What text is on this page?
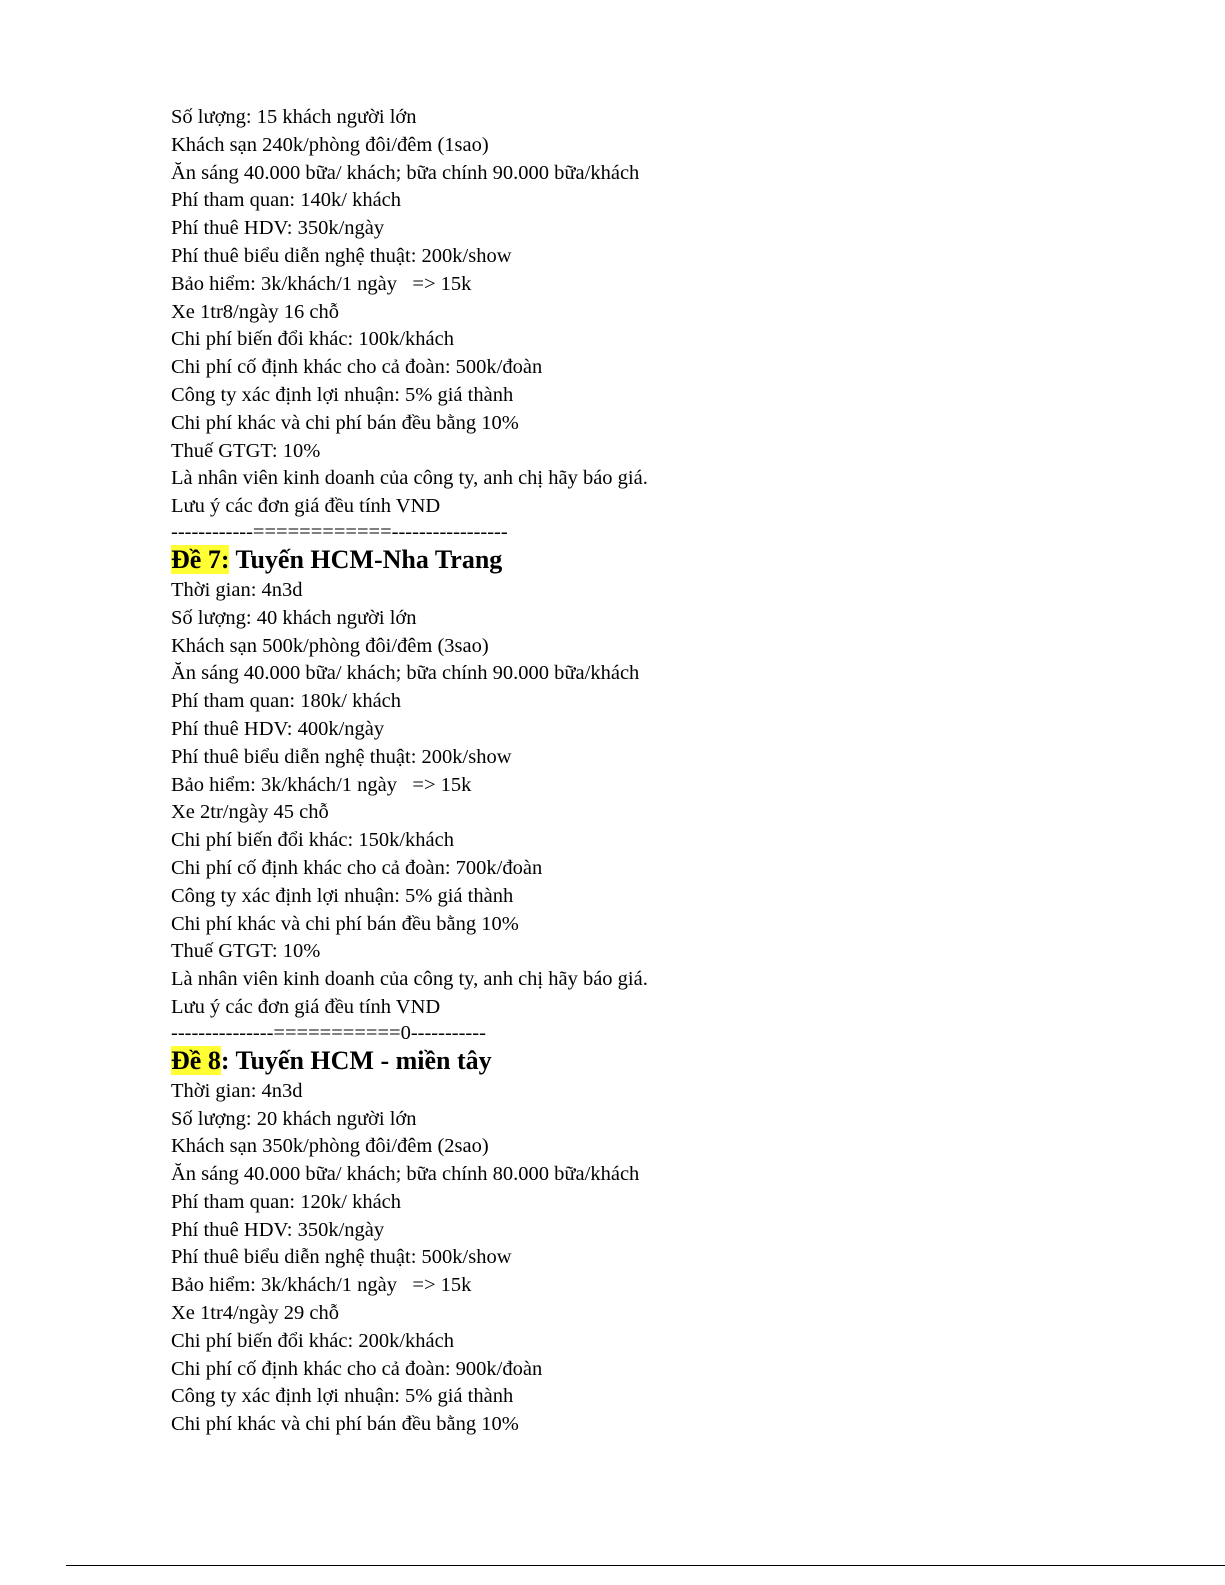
Số lượng: 15 khách người lớn
Khách sạn 240k/phòng đôi/đêm (1sao)
Ăn sáng 40.000 bữa/ khách; bữa chính 90.000 bữa/khách
Phí tham quan: 140k/ khách
Phí thuê HDV: 350k/ngày
Phí thuê biểu diễn nghệ thuật: 200k/show
Bảo hiểm: 3k/khách/1 ngày   => 15k
Xe 1tr8/ngày 16 chỗ
Chi phí biến đổi khác: 100k/khách
Chi phí cố định khác cho cả đoàn: 500k/đoàn
Công ty xác định lợi nhuận: 5% giá thành
Chi phí khác và chi phí bán đều bằng 10%
Thuế GTGT: 10%
Là nhân viên kinh doanh của công ty, anh chị hãy báo giá.
Lưu ý các đơn giá đều tính VND
------------============-----------------
Đề 7: Tuyến HCM-Nha Trang
Thời gian: 4n3d
Số lượng: 40 khách người lớn
Khách sạn 500k/phòng đôi/đêm (3sao)
Ăn sáng 40.000 bữa/ khách; bữa chính 90.000 bữa/khách
Phí tham quan: 180k/ khách
Phí thuê HDV: 400k/ngày
Phí thuê biểu diễn nghệ thuật: 200k/show
Bảo hiểm: 3k/khách/1 ngày   => 15k
Xe 2tr/ngày 45 chỗ
Chi phí biến đổi khác: 150k/khách
Chi phí cố định khác cho cả đoàn: 700k/đoàn
Công ty xác định lợi nhuận: 5% giá thành
Chi phí khác và chi phí bán đều bằng 10%
Thuế GTGT: 10%
Là nhân viên kinh doanh của công ty, anh chị hãy báo giá.
Lưu ý các đơn giá đều tính VND
---------------===========0-----------
Đề 8: Tuyến HCM - miền tây
Thời gian: 4n3d
Số lượng: 20 khách người lớn
Khách sạn 350k/phòng đôi/đêm (2sao)
Ăn sáng 40.000 bữa/ khách; bữa chính 80.000 bữa/khách
Phí tham quan: 120k/ khách
Phí thuê HDV: 350k/ngày
Phí thuê biểu diễn nghệ thuật: 500k/show
Bảo hiểm: 3k/khách/1 ngày   => 15k
Xe 1tr4/ngày 29 chỗ
Chi phí biến đổi khác: 200k/khách
Chi phí cố định khác cho cả đoàn: 900k/đoàn
Công ty xác định lợi nhuận: 5% giá thành
Chi phí khác và chi phí bán đều bằng 10%
